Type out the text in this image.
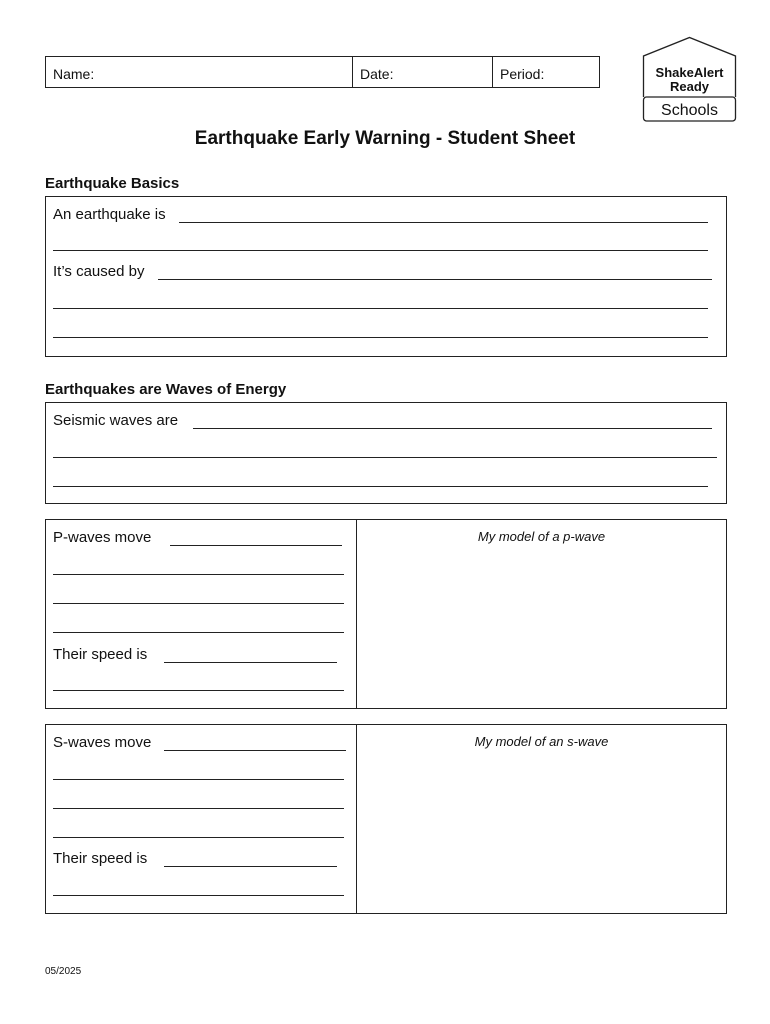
Name:	Date:	Period:	ShakeAlert
Ready
Schools
Earthquake Early Warning - Student Sheet
Earthquake Basics
An earthquake is
It’s caused by
Earthquakes are Waves of Energy
Seismic waves are
P-waves move
Their speed is
My model of a p-wave
S-waves move
Their speed is
My model of an s-wave
05/2025
